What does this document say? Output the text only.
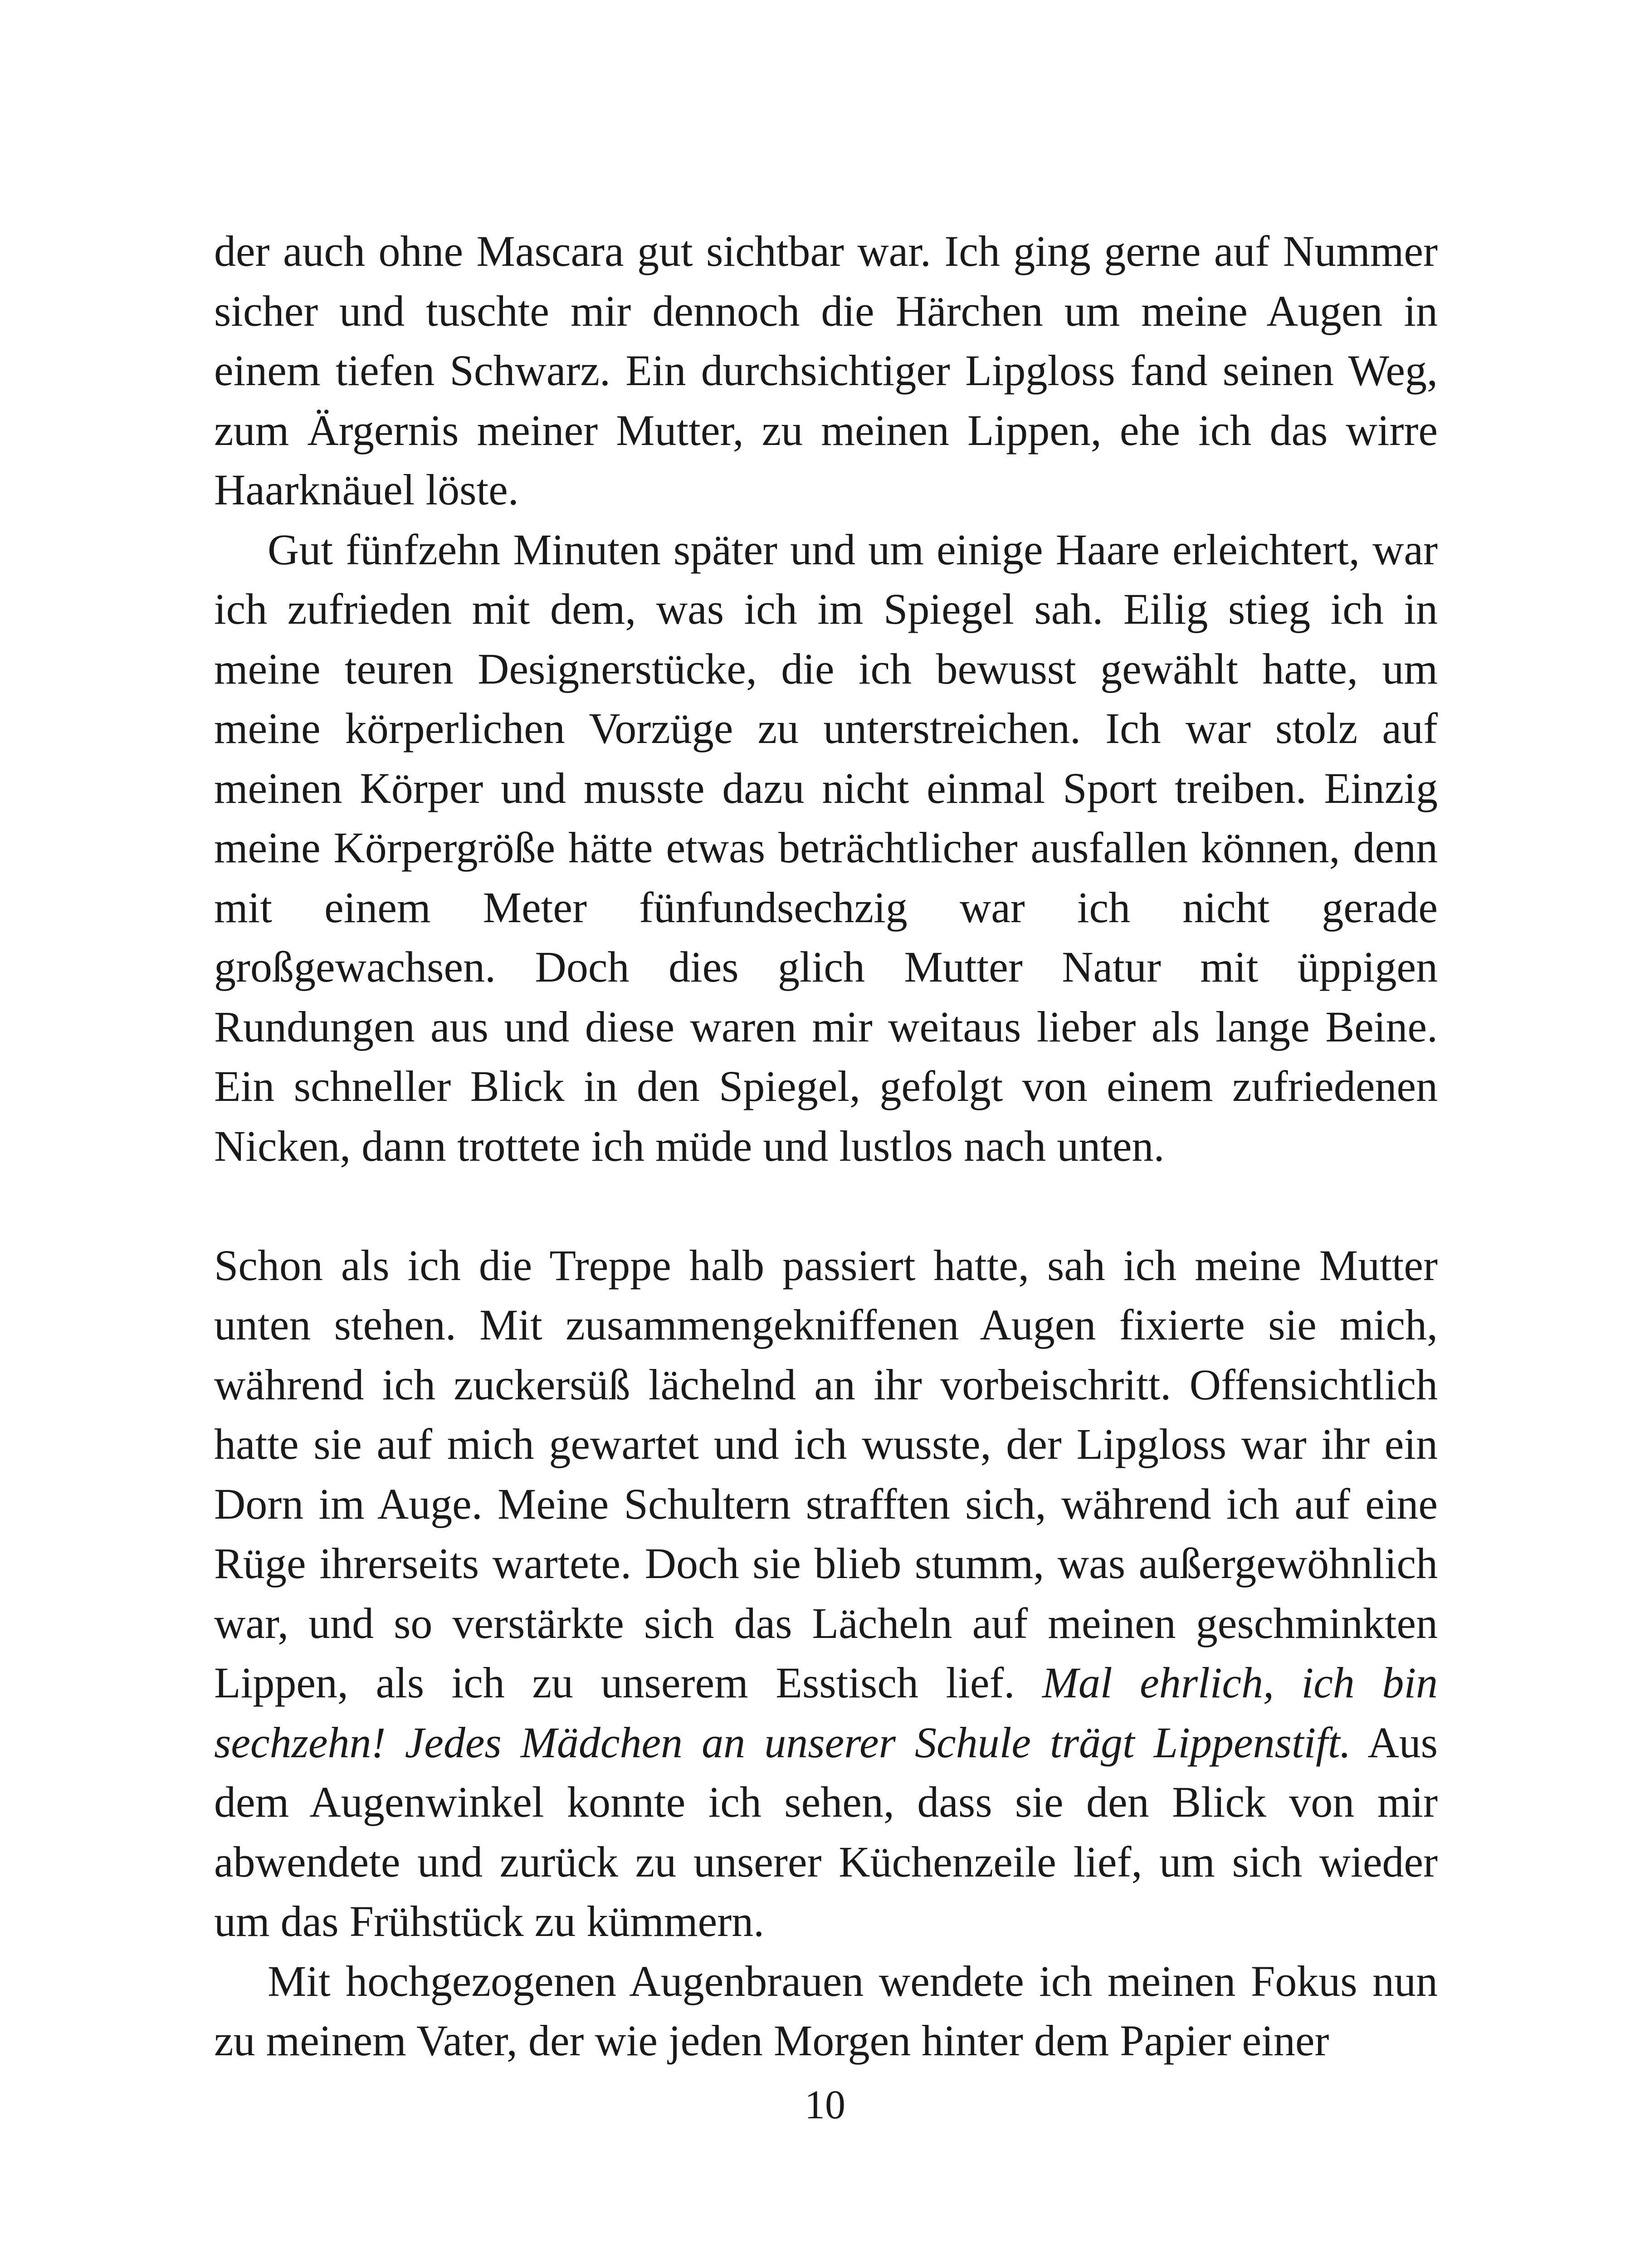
der auch ohne Mascara gut sichtbar war. Ich ging gerne auf Nummer sicher und tuschte mir dennoch die Härchen um meine Augen in einem tiefen Schwarz. Ein durchsichtiger Lipgloss fand seinen Weg, zum Ärgernis meiner Mutter, zu meinen Lippen, ehe ich das wirre Haarknäuel löste.

Gut fünfzehn Minuten später und um einige Haare erleichtert, war ich zufrieden mit dem, was ich im Spiegel sah. Eilig stieg ich in meine teuren Designerstücke, die ich bewusst gewählt hatte, um meine körperlichen Vorzüge zu unterstreichen. Ich war stolz auf meinen Körper und musste dazu nicht einmal Sport treiben. Einzig meine Körpergröße hätte etwas beträchtlicher ausfallen können, denn mit einem Meter fünfundsechzig war ich nicht gerade großgewachsen. Doch dies glich Mutter Natur mit üppigen Rundungen aus und diese waren mir weitaus lieber als lange Beine. Ein schneller Blick in den Spiegel, gefolgt von einem zufriedenen Nicken, dann trottete ich müde und lustlos nach unten.

Schon als ich die Treppe halb passiert hatte, sah ich meine Mutter unten stehen. Mit zusammengekniffenen Augen fixierte sie mich, während ich zuckersüß lächelnd an ihr vorbeischritt. Offensichtlich hatte sie auf mich gewartet und ich wusste, der Lipgloss war ihr ein Dorn im Auge. Meine Schultern strafften sich, während ich auf eine Rüge ihrerseits wartete. Doch sie blieb stumm, was außergewöhnlich war, und so verstärkte sich das Lächeln auf meinen geschminkten Lippen, als ich zu unserem Esstisch lief. Mal ehrlich, ich bin sechzehn! Jedes Mädchen an unserer Schule trägt Lippenstift. Aus dem Augenwinkel konnte ich sehen, dass sie den Blick von mir abwendete und zurück zu unserer Küchenzeile lief, um sich wieder um das Frühstück zu kümmern.

Mit hochgezogenen Augenbrauen wendete ich meinen Fokus nun zu meinem Vater, der wie jeden Morgen hinter dem Papier einer

10
